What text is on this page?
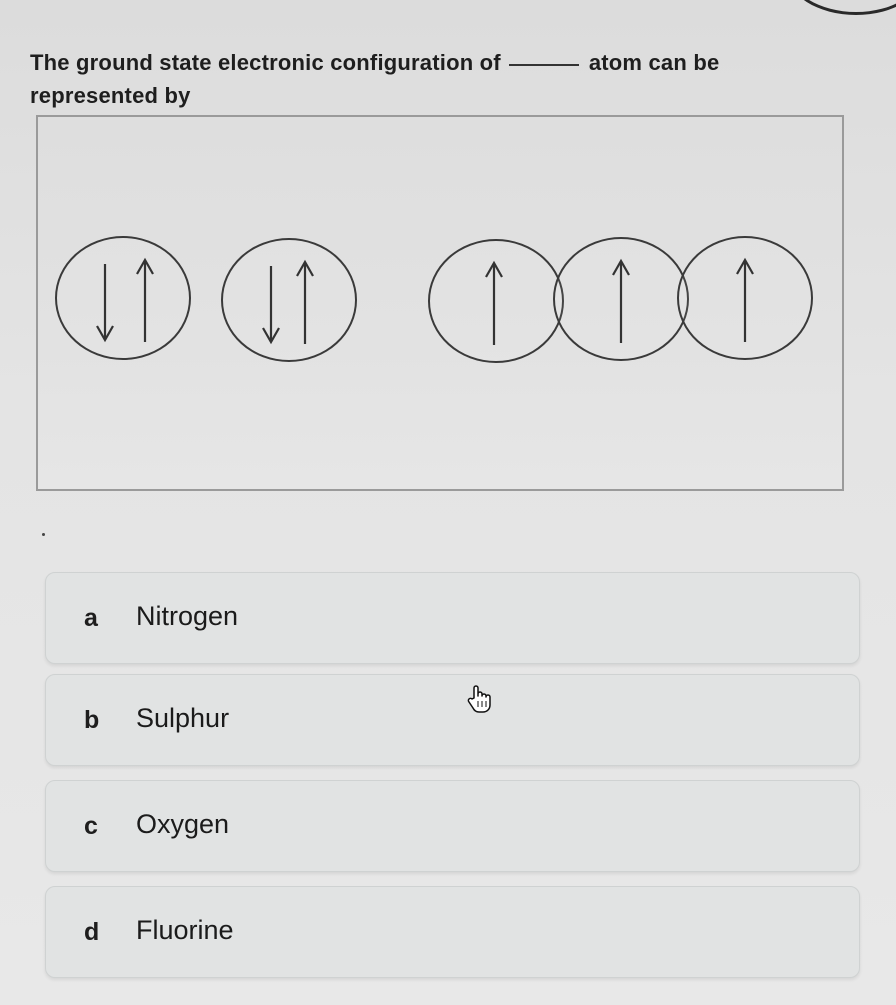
The ground state electronic configuration of	atom can be represented by
a Nitrogen
b Sulphur
c Oxygen
d Fluorine
